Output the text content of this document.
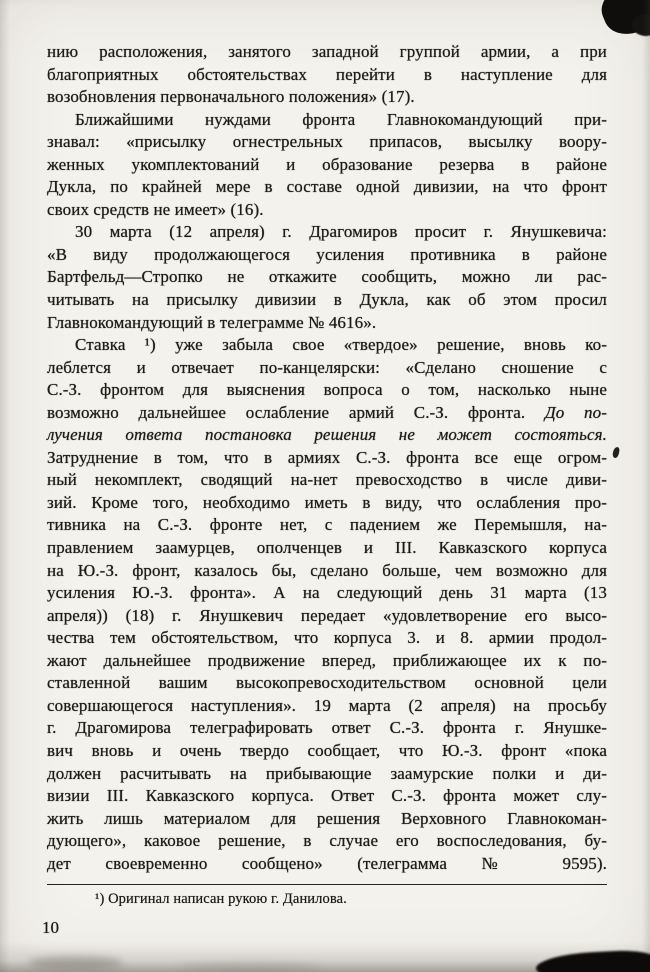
нию расположения, занятого западной группой армии, а при
благоприятных обстоятельствах перейти в наступление для
возобновления первоначального положения» (17).
Ближайшими нуждами фронта Главнокомандующий при-
знавал: «присылку огнестрельных припасов, высылку воору-
женных укомплектований и образование резерва в районе
Дукла, по крайней мере в составе одной дивизии, на что фронт
своих средств не имеет» (16).
30 марта (12 апреля) г. Драгомиров просит г. Янушкевича:
«В виду продолжающегося усиления противника в районе
Бартфельд—Стропко не откажите сообщить, можно ли рас-
читывать на присылку дивизии в Дукла, как об этом просил
Главнокомандующий в телеграмме № 4616».
Ставка ¹) уже забыла свое «твердое» решение, вновь ко-
леблется и отвечает по-канцелярски: «Сделано сношение с
С.-З. фронтом для выяснения вопроса о том, насколько ныне
возможно дальнейшее ослабление армий С.-З. фронта. До по-
лучения ответа постановка решения не может состояться.
Затруднение в том, что в армиях С.-З. фронта все еще огром-
ный некомплект, сводящий на-нет превосходство в числе диви-
зий. Кроме того, необходимо иметь в виду, что ослабления про-
тивника на С.-З. фронте нет, с падением же Перемышля, на-
правлением заамурцев, ополченцев и III. Кавказского корпуса
на Ю.-З. фронт, казалось бы, сделано больше, чем возможно для
усиления Ю.-З. фронта». А на следующий день 31 марта (13
апреля)) (18) г. Янушкевич передает «удовлетворение его высо-
чества тем обстоятельством, что корпуса 3. и 8. армии продол-
жают дальнейшее продвижение вперед, приближающее их к по-
ставленной вашим высокопревосходительством основной цели
совершающегося наступления». 19 марта (2 апреля) на просьбу
г. Драгомирова телеграфировать ответ С.-З. фронта г. Янушке-
вич вновь и очень твердо сообщает, что Ю.-З. фронт «пока
должен расчитывать на прибывающие заамурские полки и ди-
визии III. Кавказского корпуса. Ответ С.-З. фронта может слу-
жить лишь материалом для решения Верховного Главнокоман-
дующего», каковое решение, в случае его воспоследования, бу-
дет своевременно сообщено» (телеграмма № 9595).
¹) Оригинал написан рукою г. Данилова.
10
